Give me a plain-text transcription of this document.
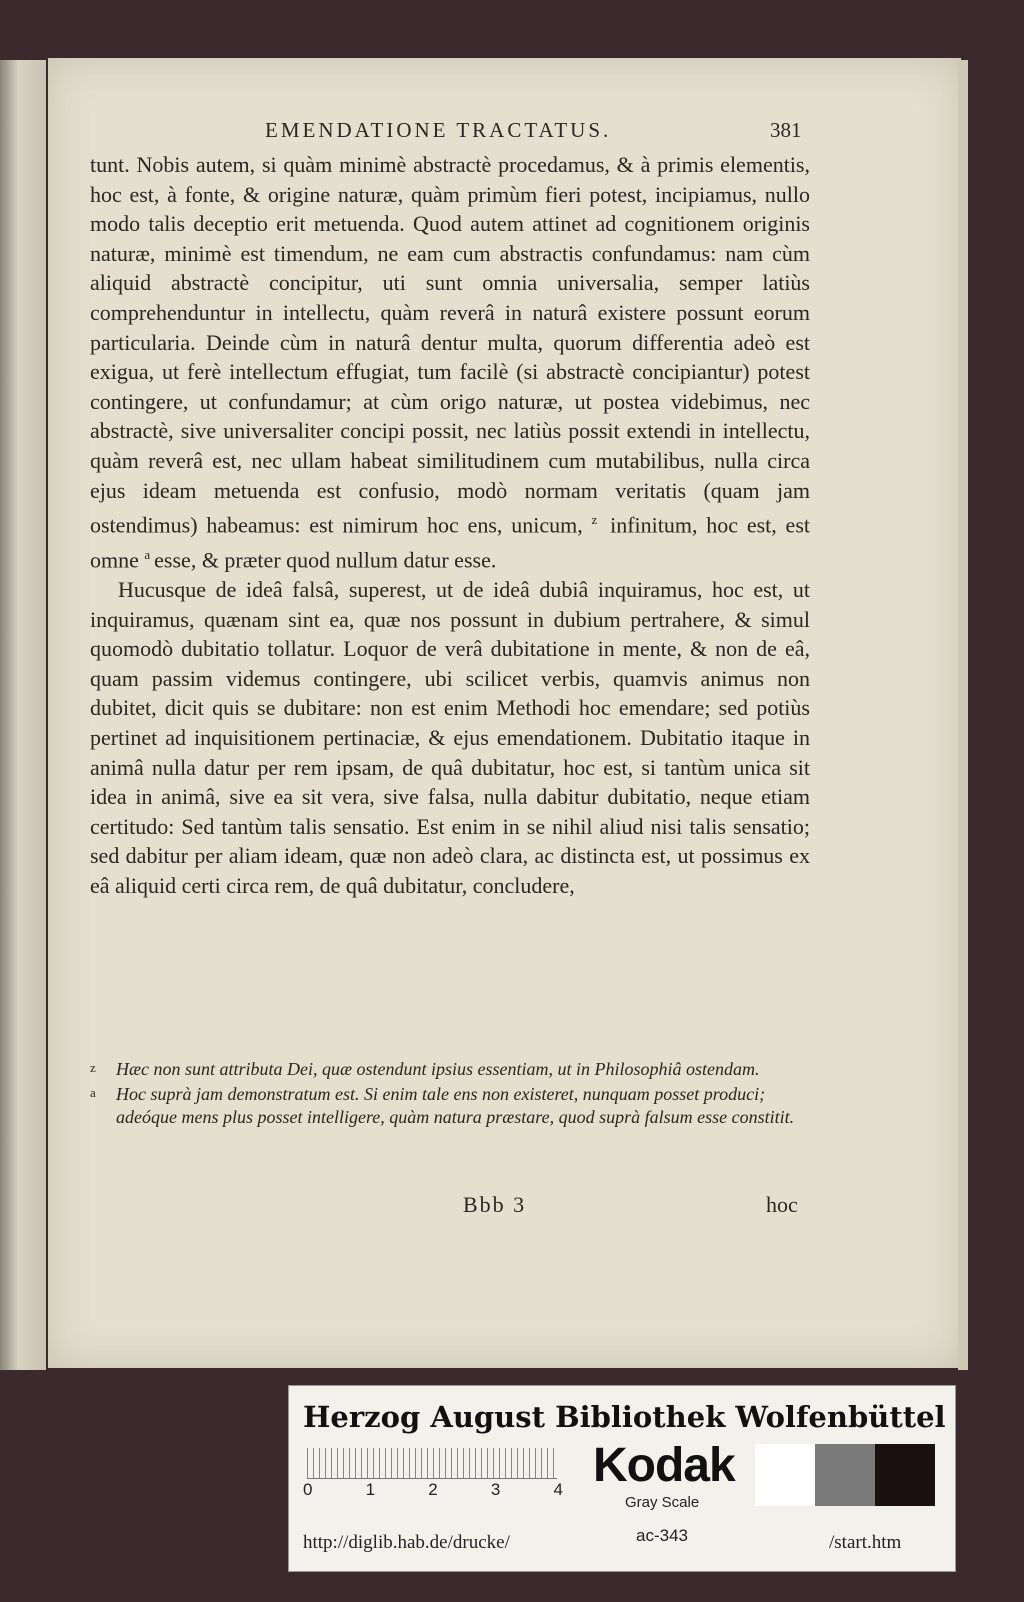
EMENDATIONE TRACTATUS.	381

tunt. Nobis autem, si quàm minimè abstractè procedamus, & à primis elementis, hoc est, à fonte, & origine naturæ, quàm primùm fieri potest, incipiamus, nullo modo talis deceptio erit metuenda. Quod autem attinet ad cognitionem originis naturæ, minimè est timendum, ne eam cum abstractis confundamus: nam cùm aliquid abstractè concipitur, uti sunt omnia universalia, semper latiùs comprehenduntur in intellectu, quàm reverâ in naturâ existere possunt eorum particularia. Deinde cùm in naturâ dentur multa, quorum differentia adeò est exigua, ut ferè intellectum effugiat, tum facilè (si abstractè concipiantur) potest contingere, ut confundamur; at cùm origo naturæ, ut postea videbimus, nec abstractè, sive universaliter concipi possit, nec latiùs possit extendi in intellectu, quàm reverâ est, nec ullam habeat similitudinem cum mutabilibus, nulla circa ejus ideam metuenda est confusio, modò normam veritatis (quam jam ostendimus) habeamus: est nimirum hoc ens, unicum, $^z$ infinitum, hoc est, est omne $^a$ esse, & præter quod nullum datur esse.

Hucusque de ideâ falsâ, superest, ut de ideâ dubiâ inquiramus, hoc est, ut inquiramus, quænam sint ea, quæ nos possunt in dubium pertrahere, & simul quomodò dubitatio tollatur. Loquor de verâ dubitatione in mente, & non de eâ, quam passim videmus contingere, ubi scilicet verbis, quamvis animus non dubitet, dicit quis se dubitare: non est enim Methodi hoc emendare; sed potiùs pertinet ad inquisitionem pertinaciæ, & ejus emendationem. Dubitatio itaque in animâ nulla datur per rem ipsam, de quâ dubitatur, hoc est, si tantùm unica sit idea in animâ, sive ea sit vera, sive falsa, nulla dabitur dubitatio, neque etiam certitudo: Sed tantùm talis sensatio. Est enim in se nihil aliud nisi talis sensatio; sed dabitur per aliam ideam, quæ non adeò clara, ac distincta est, ut possimus ex eâ aliquid certi circa rem, de quâ dubitatur, concludere,

z Hæc non sunt attributa Dei, quæ ostendunt ipsius essentiam, ut in Philosophiâ ostendam.
a Hoc suprà jam demonstratum est. Si enim tale ens non existeret, nunquam posset produci; adeóque mens plus posset intelligere, quàm natura præstare, quod suprà falsum esse constitit.
Bbb 3	hoc
Herzog August Bibliothek Wolfenbüttel
0	1	2	3	4 Kodak
Gray Scale
http://diglib.hab.de/drucke/	ac-343	/start.htm
